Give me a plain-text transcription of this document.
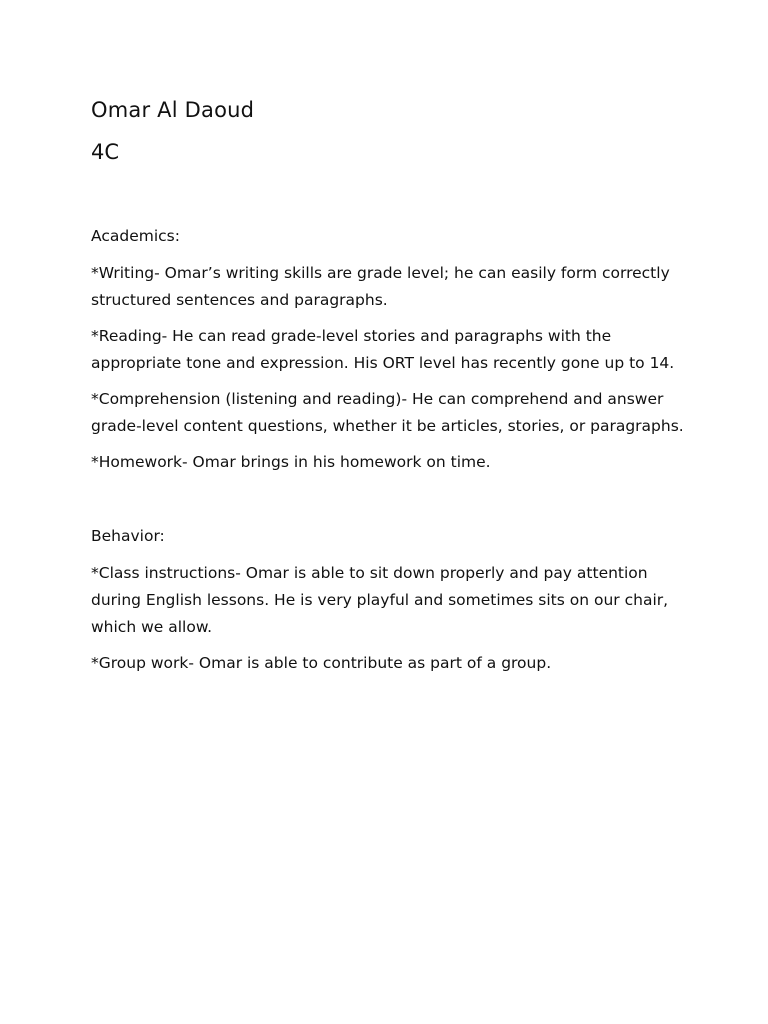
Omar Al Daoud
4C
Academics:

*Writing- Omar’s writing skills are grade level; he can easily form correctly structured sentences and paragraphs.

*Reading- He can read grade-level stories and paragraphs with the appropriate tone and expression. His ORT level has recently gone up to 14.

*Comprehension (listening and reading)- He can comprehend and answer grade-level content questions, whether it be articles, stories, or paragraphs.

*Homework- Omar brings in his homework on time.

Behavior:

*Class instructions- Omar is able to sit down properly and pay attention during English lessons. He is very playful and sometimes sits on our chair, which we allow.

*Group work- Omar is able to contribute as part of a group.
